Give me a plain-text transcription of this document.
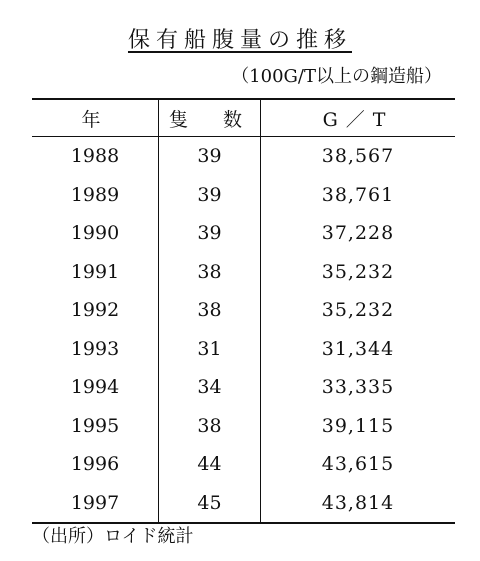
保有船腹量の推移
（100G/T以上の鋼造船）
年	隻　数	G／T
1988	39	38,567
1989	39	38,761
1990	39	37,228
1991	38	35,232
1992	38	35,232
1993	31	31,344
1994	34	33,335
1995	38	39,115
1996	44	43,615
1997	45	43,814
（出所）ロイド統計
